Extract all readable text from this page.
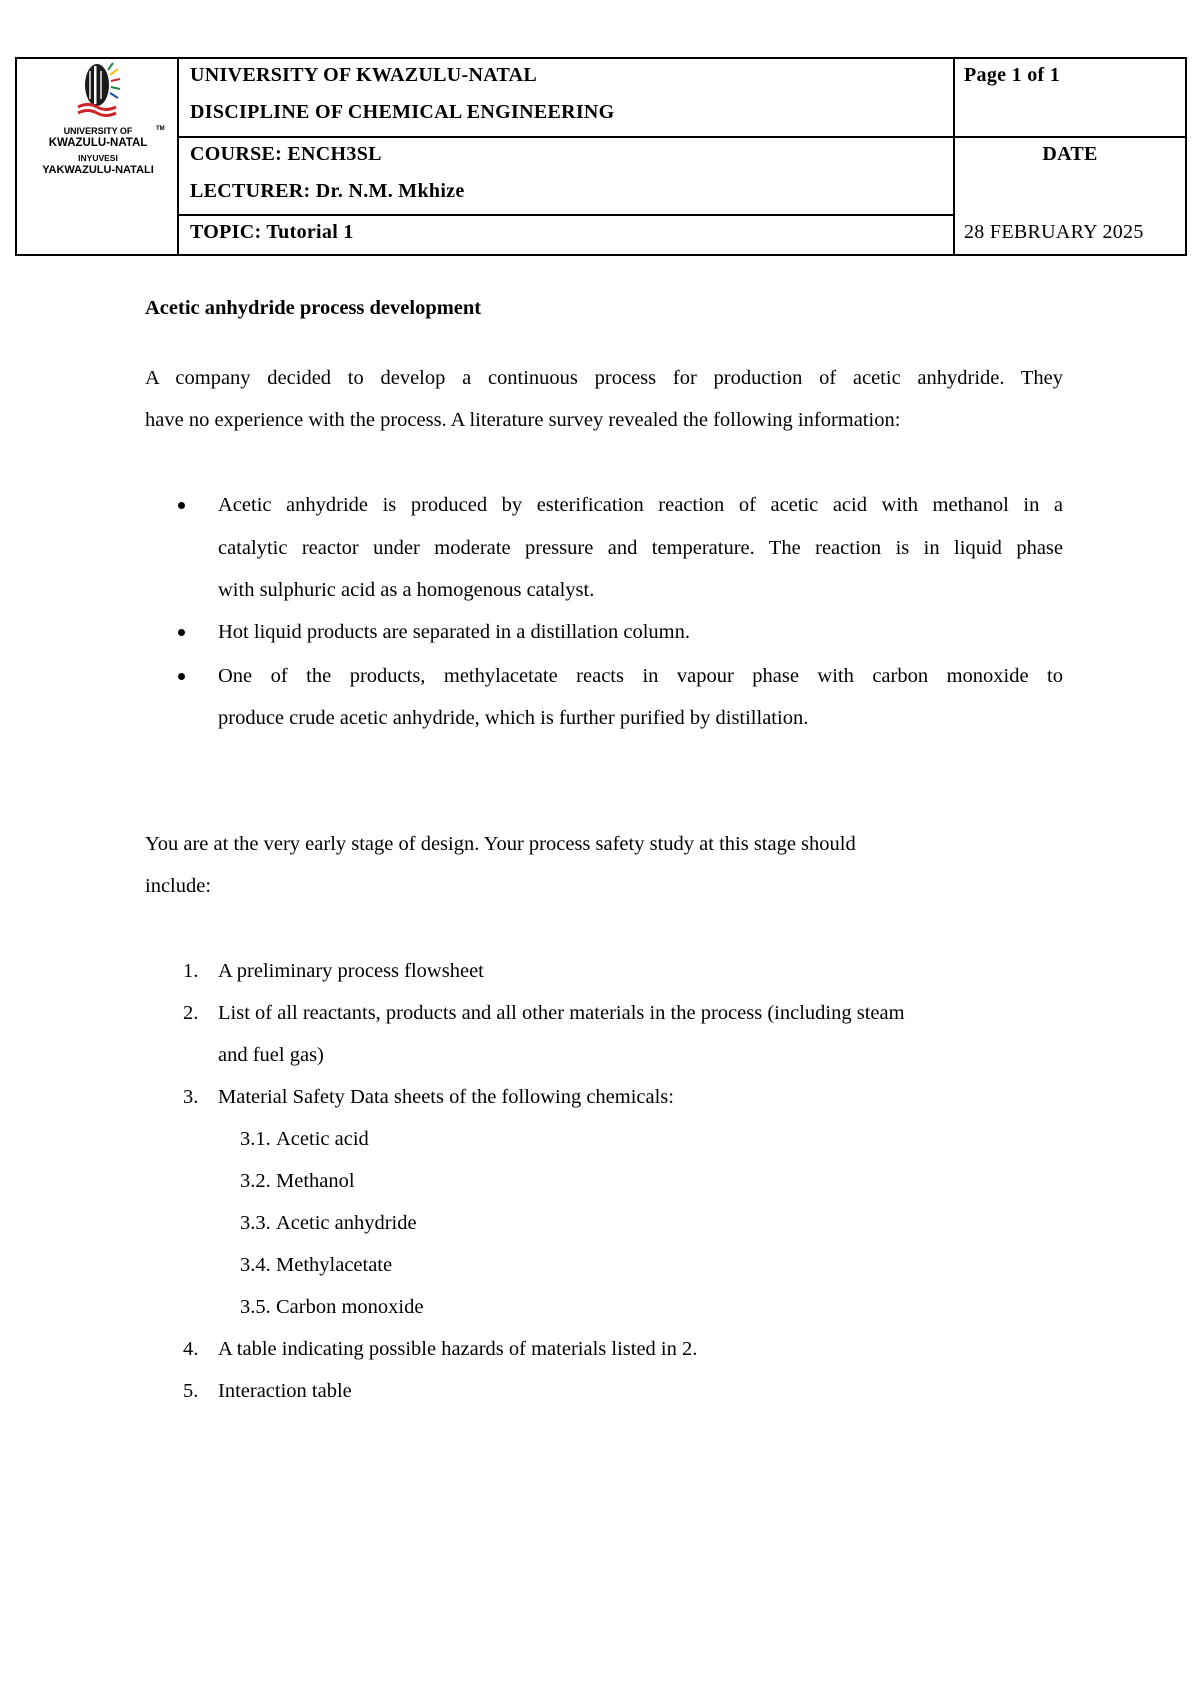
UNIVERSITY OF
KWAZULU-NATAL
INYUVESI
YAKWAZULU-NATALI
TM
UNIVERSITY OF KWAZULU-NATAL
DISCIPLINE OF CHEMICAL ENGINEERING
Page 1 of 1
COURSE: ENCH3SL
LECTURER: Dr. N.M. Mkhize
DATE
TOPIC: Tutorial 1	28 FEBRUARY 2025
Acetic anhydride process development
A company decided to develop a continuous process for production of acetic anhydride. They
have no experience with the process. A literature survey revealed the following information:
Acetic anhydride is produced by esterification reaction of acetic acid with methanol in a
catalytic reactor under moderate pressure and temperature. The reaction is in liquid phase
with sulphuric acid as a homogenous catalyst.
Hot liquid products are separated in a distillation column.
One of the products, methylacetate reacts in vapour phase with carbon monoxide to
produce crude acetic anhydride, which is further purified by distillation.
You are at the very early stage of design. Your process safety study at this stage should
include:
1. A preliminary process flowsheet
2. List of all reactants, products and all other materials in the process (including steam
and fuel gas)
3. Material Safety Data sheets of the following chemicals:
3.1. Acetic acid
3.2. Methanol
3.3. Acetic anhydride
3.4. Methylacetate
3.5. Carbon monoxide
4. A table indicating possible hazards of materials listed in 2.
5. Interaction table
